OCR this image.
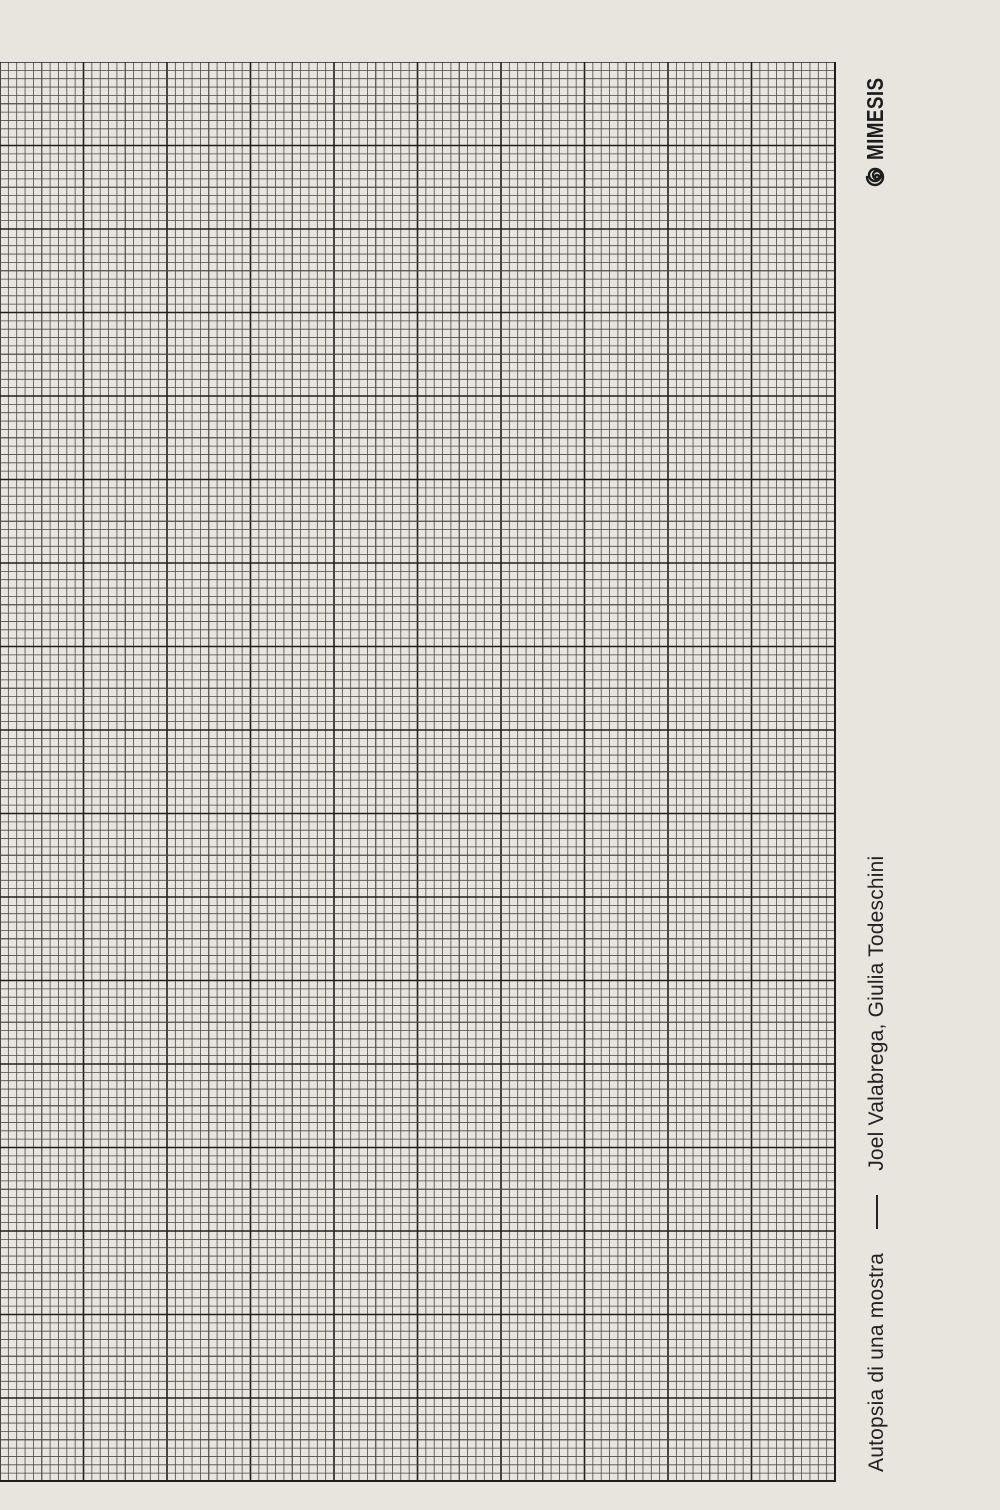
MIMESIS
Autopsia di una mostra
Joel Valabrega, Giulia Todeschini
